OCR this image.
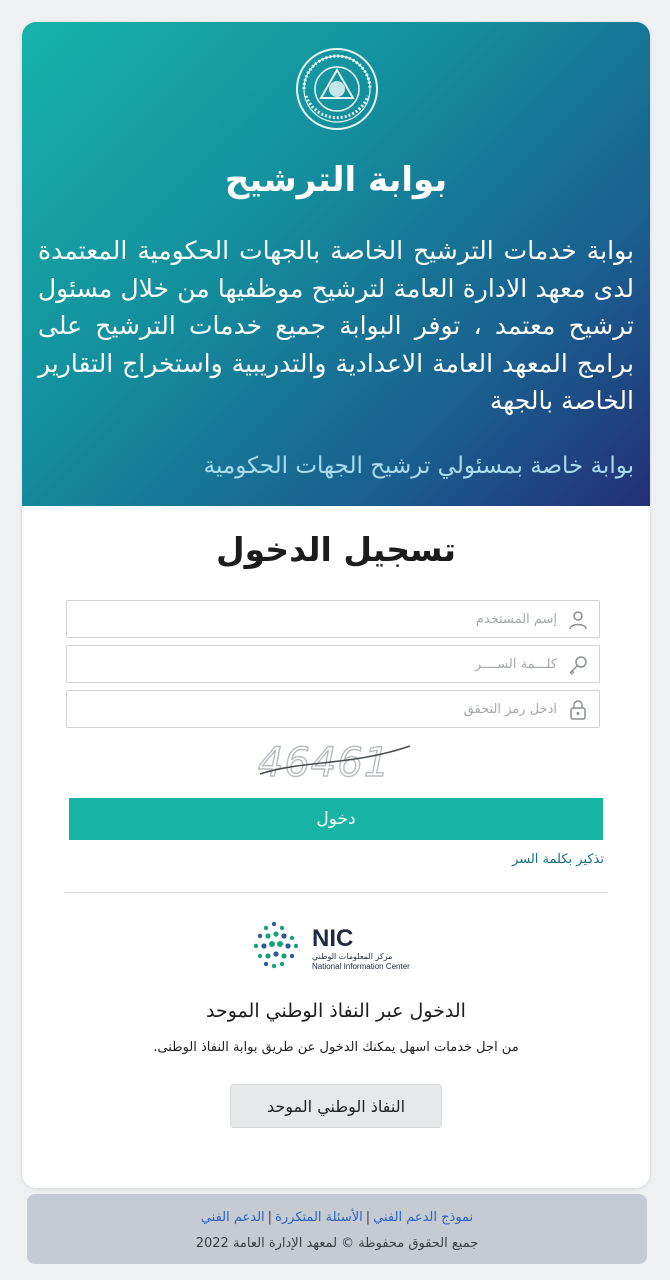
بوابة الترشيح
بوابة خدمات الترشيح الخاصة بالجهات الحكومية المعتمدة لدى معهد الادارة العامة لترشيح موظفيها من خلال مسئول ترشيح معتمد ، توفر البوابة جميع خدمات الترشيح على برامج المعهد العامة الاعدادية والتدريبية واستخراج التقارير الخاصة بالجهة
بوابة خاصة بمسئولي ترشيح الجهات الحكومية
تسجيل الدخول
إسم المستخدم
ادخل رمز التحقق
46461
دخول
تذكير بكلمة السر
NIC
مركز المعلومات الوطني
National Information Center
الدخول عبر النفاذ الوطني الموحد
من اجل خدمات اسهل يمكنك الدخول عن طريق بوابة النفاذ الوطنى.
النفاذ الوطني الموحد
نموذج الدعم الفني|الأسئلة المتكررة|الدعم الفني
جميع الحقوق محفوظة © لمعهد الإدارة العامة 2022
